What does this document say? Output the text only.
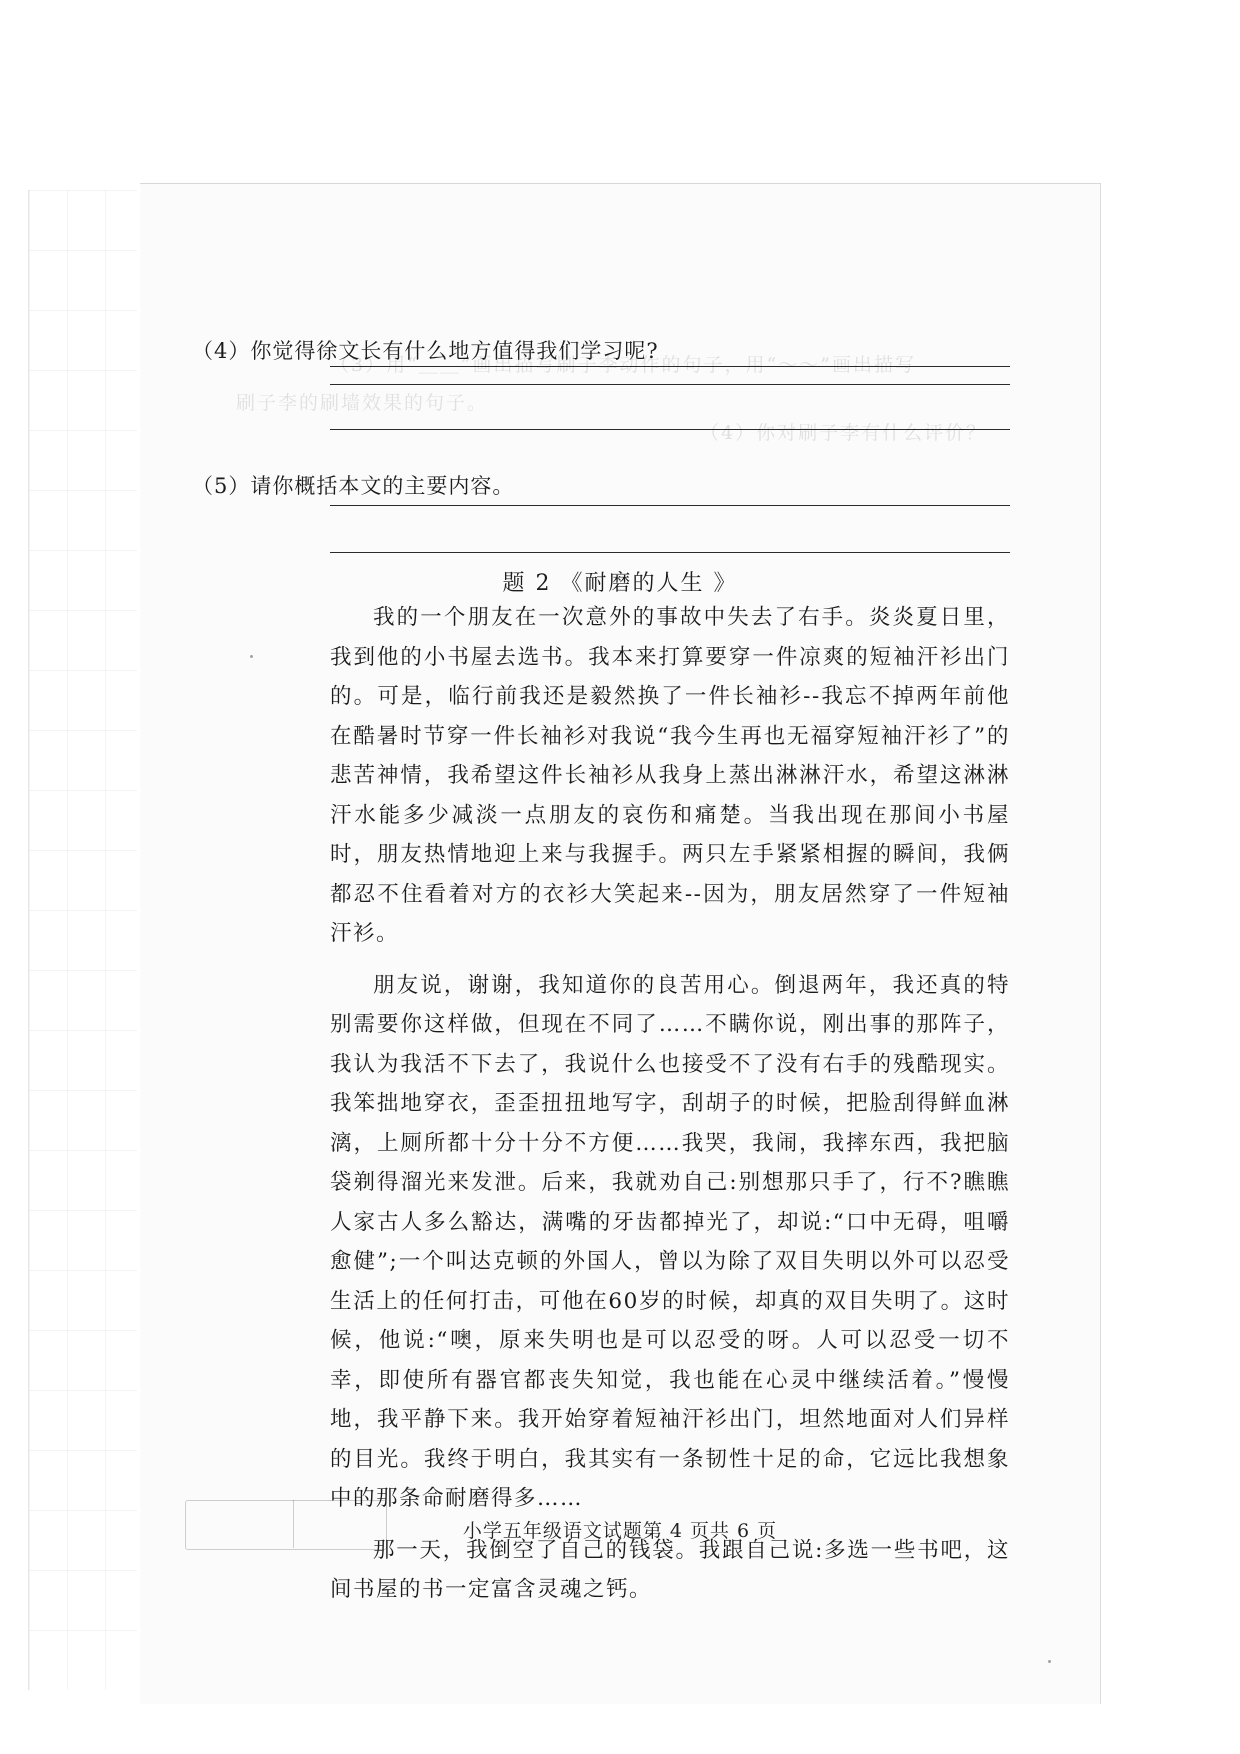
（3）用“＿＿”画出描写刷子李动作的句子，用“～～”画出描写
刷子李的刷墙效果的句子。
（4）你对刷子李有什么评价？
（4）你觉得徐文长有什么地方值得我们学习呢?
（5）请你概括本文的主要内容。
题 2 《耐磨的人生 》

我的一个朋友在一次意外的事故中失去了右手。炎炎夏日里，我到他的小书屋去选书。我本来打算要穿一件凉爽的短袖汗衫出门的。可是，临行前我还是毅然换了一件长袖衫--我忘不掉两年前他在酷暑时节穿一件长袖衫对我说“我今生再也无福穿短袖汗衫了”的悲苦神情，我希望这件长袖衫从我身上蒸出淋淋汗水，希望这淋淋汗水能多少减淡一点朋友的哀伤和痛楚。当我出现在那间小书屋时，朋友热情地迎上来与我握手。两只左手紧紧相握的瞬间，我俩都忍不住看着对方的衣衫大笑起来--因为，朋友居然穿了一件短袖汗衫。

朋友说，谢谢，我知道你的良苦用心。倒退两年，我还真的特别需要你这样做，但现在不同了……不瞒你说，刚出事的那阵子，我认为我活不下去了，我说什么也接受不了没有右手的残酷现实。我笨拙地穿衣，歪歪扭扭地写字，刮胡子的时候，把脸刮得鲜血淋漓，上厕所都十分十分不方便……我哭，我闹，我摔东西，我把脑袋剃得溜光来发泄。后来，我就劝自己:别想那只手了，行不?瞧瞧人家古人多么豁达，满嘴的牙齿都掉光了，却说:“口中无碍，咀嚼愈健”;一个叫达克顿的外国人，曾以为除了双目失明以外可以忍受生活上的任何打击，可他在60岁的时候，却真的双目失明了。这时候，他说:“噢，原来失明也是可以忍受的呀。人可以忍受一切不幸，即使所有器官都丧失知觉，我也能在心灵中继续活着。”慢慢地，我平静下来。我开始穿着短袖汗衫出门，坦然地面对人们异样的目光。我终于明白，我其实有一条韧性十足的命，它远比我想象中的那条命耐磨得多……

那一天，我倒空了自己的钱袋。我跟自己说:多选一些书吧，这间书屋的书一定富含灵魂之钙。

小学五年级语文试题第 4 页共 6 页
